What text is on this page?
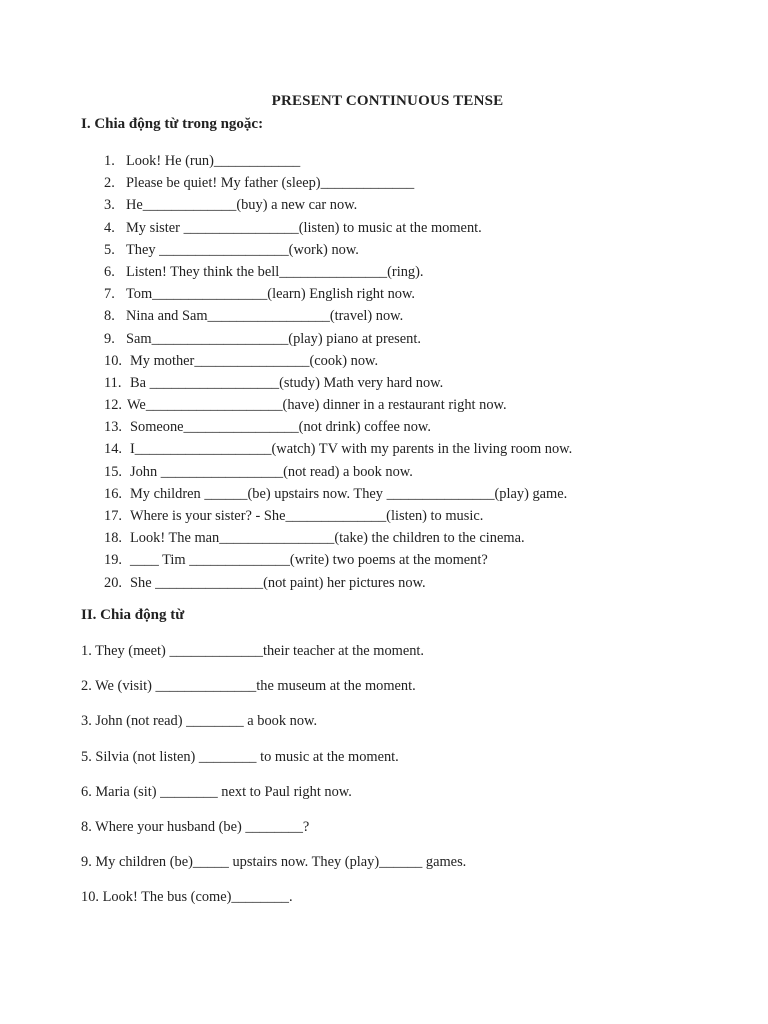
PRESENT CONTINUOUS TENSE
I. Chia động từ trong ngoặc:
1. Look! He (run)____________
2. Please be quiet! My father (sleep)_____________
3. He_____________(buy) a new car now.
4. My sister ________________(listen) to music at the moment.
5. They __________________(work) now.
6. Listen! They think the bell_______________(ring).
7. Tom________________(learn) English right now.
8. Nina and Sam_________________(travel) now.
9. Sam___________________(play) piano at present.
10. My mother________________(cook) now.
11. Ba __________________(study) Math very hard now.
12. We___________________(have) dinner in a restaurant right now.
13. Someone________________(not drink) coffee now.
14. I___________________(watch) TV with my parents in the living room now.
15. John _________________(not read) a book now.
16. My children ______(be) upstairs now. They _______________(play) game.
17. Where is your sister? - She______________(listen) to music.
18. Look! The man________________(take) the children to the cinema.
19. ____ Tim ______________(write) two poems at the moment?
20. She _______________(not paint) her pictures now.
II. Chia động từ
1. They (meet) _____________their teacher at the moment.
2. We (visit) ______________the museum at the moment.
3. John (not read) ________ a book now.
5. Silvia (not listen) ________ to music at the moment.
6. Maria (sit) ________ next to Paul right now.
8. Where your husband (be) ________?
9. My children (be)_____ upstairs now. They (play)______ games.
10. Look! The bus (come)________.
